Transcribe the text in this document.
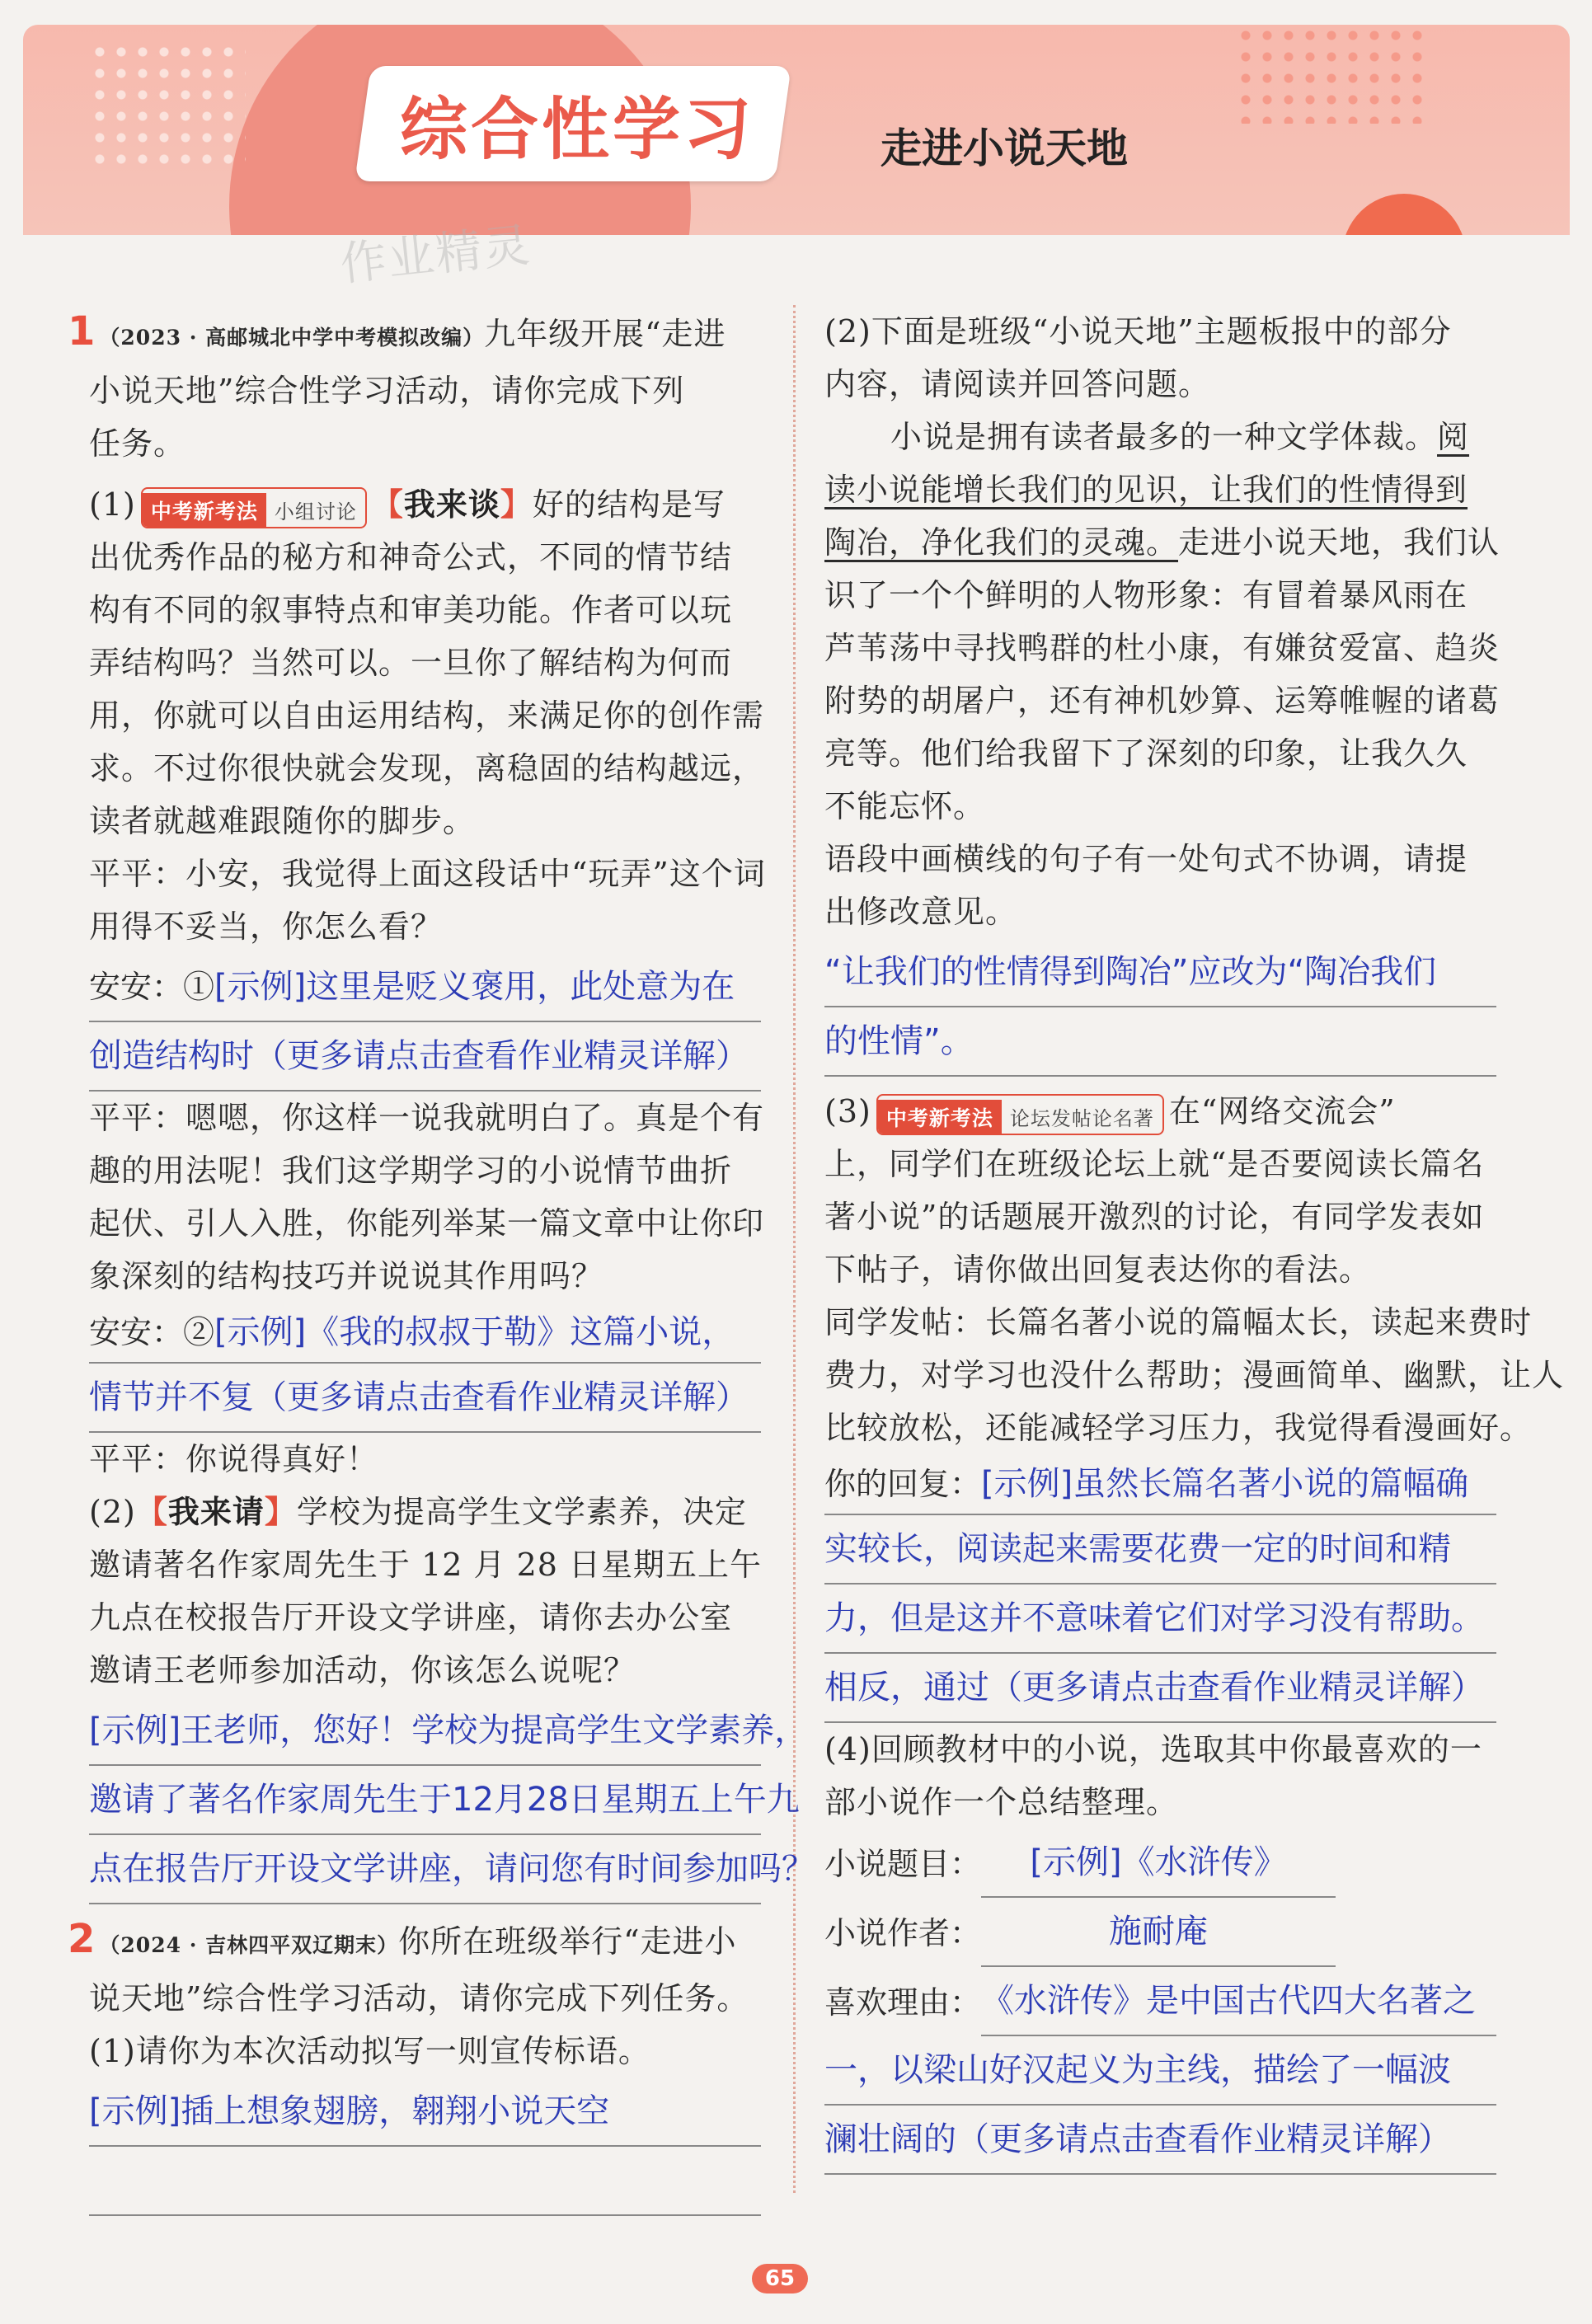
综合性学习	走进小说天地
作业精灵
1 （2023 · 高邮城北中学中考模拟改编）九年级开展“走进
小说天地”综合性学习活动，请你完成下列
任务。
(1) 中考新考法 小组讨论 【我来谈】好的结构是写
出优秀作品的秘方和神奇公式，不同的情节结
构有不同的叙事特点和审美功能。作者可以玩
弄结构吗？当然可以。一旦你了解结构为何而
用，你就可以自由运用结构，来满足你的创作需
求。不过你很快就会发现，离稳固的结构越远，
读者就越难跟随你的脚步。
平平：小安，我觉得上面这段话中“玩弄”这个词
用得不妥当，你怎么看？
安安：①[示例]这里是贬义褒用，此处意为在
创造结构时（更多请点击查看作业精灵详解）
平平：嗯嗯，你这样一说我就明白了。真是个有
趣的用法呢！我们这学期学习的小说情节曲折
起伏、引人入胜，你能列举某一篇文章中让你印
象深刻的结构技巧并说说其作用吗？
安安：②[示例]《我的叔叔于勒》这篇小说，
情节并不复（更多请点击查看作业精灵详解）
平平：你说得真好！
(2)【我来请】学校为提高学生文学素养，决定
邀请著名作家周先生于 12 月 28 日星期五上午
九点在校报告厅开设文学讲座，请你去办公室
邀请王老师参加活动，你该怎么说呢？
[示例]王老师，您好！学校为提高学生文学素养，
邀请了著名作家周先生于12月28日星期五上午九
点在报告厅开设文学讲座，请问您有时间参加吗？
2 （2024 · 吉林四平双辽期末）你所在班级举行“走进小
说天地”综合性学习活动，请你完成下列任务。
(1)请你为本次活动拟写一则宣传标语。
[示例]插上想象翅膀，翱翔小说天空
(2)下面是班级“小说天地”主题板报中的部分
内容，请阅读并回答问题。
小说是拥有读者最多的一种文学体裁。阅
读小说能增长我们的见识，让我们的性情得到
陶冶，净化我们的灵魂。走进小说天地，我们认
识了一个个鲜明的人物形象：有冒着暴风雨在
芦苇荡中寻找鸭群的杜小康，有嫌贫爱富、趋炎
附势的胡屠户，还有神机妙算、运筹帷幄的诸葛
亮等。他们给我留下了深刻的印象，让我久久
不能忘怀。
语段中画横线的句子有一处句式不协调，请提
出修改意见。
“让我们的性情得到陶冶”应改为“陶冶我们
的性情”。
(3) 中考新考法 论坛发帖论名著 在“网络交流会”
上，同学们在班级论坛上就“是否要阅读长篇名
著小说”的话题展开激烈的讨论，有同学发表如
下帖子，请你做出回复表达你的看法。
同学发帖：长篇名著小说的篇幅太长，读起来费时
费力，对学习也没什么帮助；漫画简单、幽默，让人
比较放松，还能减轻学习压力，我觉得看漫画好。
你的回复：[示例]虽然长篇名著小说的篇幅确
实较长，阅读起来需要花费一定的时间和精
力，但是这并不意味着它们对学习没有帮助。
相反，通过（更多请点击查看作业精灵详解）
(4)回顾教材中的小说，选取其中你最喜欢的一
部小说作一个总结整理。
小说题目：	[示例]《水浒传》
小说作者：	施耐庵
喜欢理由： 《水浒传》是中国古代四大名著之
一，以梁山好汉起义为主线，描绘了一幅波
澜壮阔的（更多请点击查看作业精灵详解）
65
